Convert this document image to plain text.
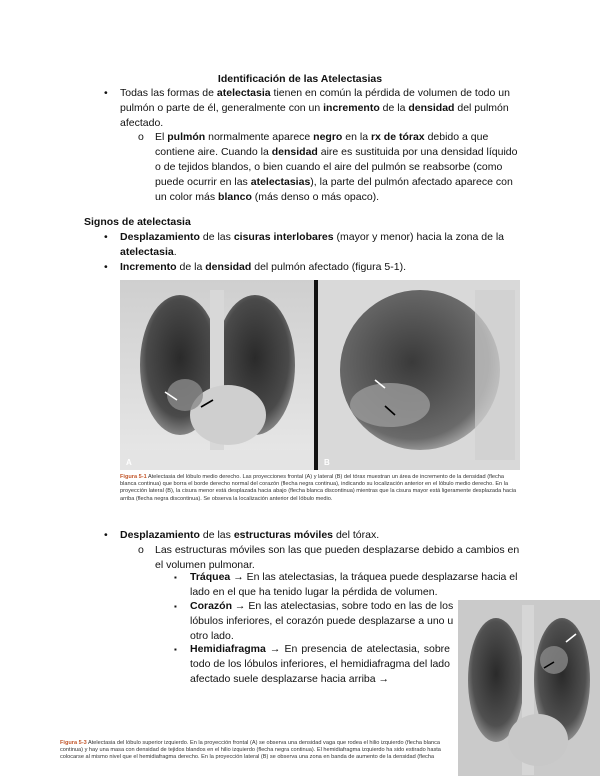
Identificación de las Atelectasias
• Todas las formas de atelectasia tienen en común la pérdida de volumen de todo un pulmón o parte de él, generalmente con un incremento de la densidad del pulmón afectado.
o El pulmón normalmente aparece negro en la rx de tórax debido a que contiene aire. Cuando la densidad aire es sustituida por una densidad líquido o de tejidos blandos, o bien cuando el aire del pulmón se reabsorbe (como puede ocurrir en las atelectasias), la parte del pulmón afectado aparece con un color más blanco (más denso o más opaco).
Signos de atelectasia
• Desplazamiento de las cisuras interlobares (mayor y menor) hacia la zona de la atelectasia.
• Incremento de la densidad del pulmón afectado (figura 5-1).
A	B
Figura 5-1 Atelectasia del lóbulo medio derecho. Las proyecciones frontal (A) y lateral (B) del tórax muestran un área de incremento de la densidad (flecha blanca continua) que borra el borde derecho normal del corazón (flecha negra continua), indicando su localización anterior en el lóbulo medio derecho. En la proyección lateral (B), la cisura menor está desplazada hacia abajo (flecha blanca discontinua) mientras que la cisura mayor está ligeramente desplazada hacia arriba (flecha negra discontinua). Se observa la localización anterior del lóbulo medio.
• Desplazamiento de las estructuras móviles del tórax.
o Las estructuras móviles son las que pueden desplazarse debido a cambios en el volumen pulmonar.
▪ Tráquea → En las atelectasias, la tráquea puede desplazarse hacia el lado en el que ha tenido lugar la pérdida de volumen.
▪ Corazón → En las atelectasias, sobre todo en las de los lóbulos inferiores, el corazón puede desplazarse a uno u otro lado.
▪ Hemidiafragma → En presencia de atelectasia, sobre todo de los lóbulos inferiores, el hemidiafragma del lado afectado suele desplazarse hacia arriba →
Figura 5-3 Atelectasia del lóbulo superior izquierdo. En la proyección frontal (A) se observa una densidad vaga que rodea el hilio izquierdo (flecha blanca continua) y hay una masa con densidad de tejidos blandos en el hilio izquierdo (flecha negra continua). El hemidiafragma izquierdo ha sido estirado hasta colocarse al mismo nivel que el hemidiafragma derecho. En la proyección lateral (B) se observa una zona en banda de aumento de la densidad (flecha
